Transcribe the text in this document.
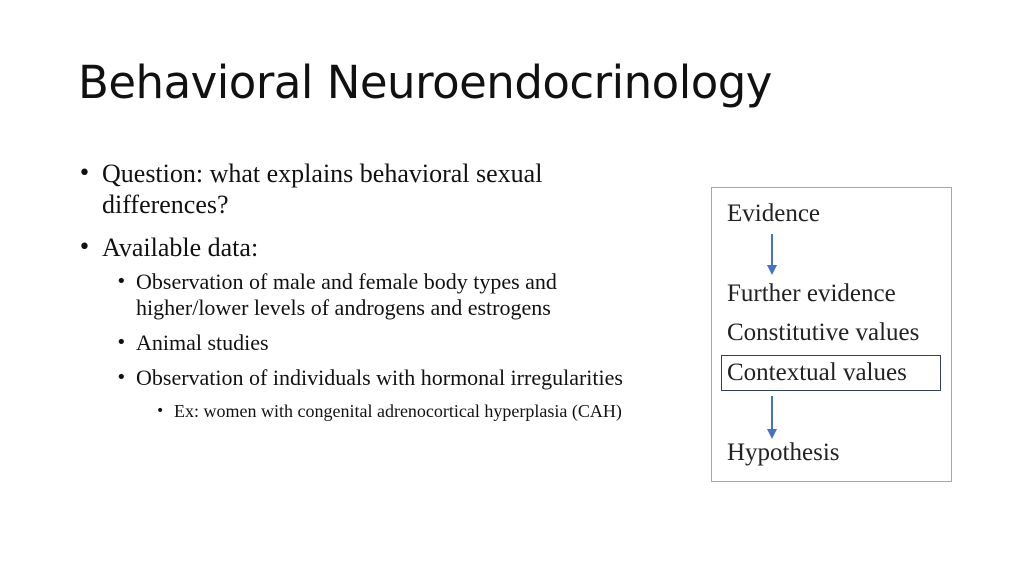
Behavioral Neuroendocrinology
• Question: what explains behavioral sexual differences?
• Available data:
• Observation of male and female body types and higher/lower levels of androgens and estrogens
• Animal studies
• Observation of individuals with hormonal irregularities
• Ex: women with congenital adrenocortical hyperplasia (CAH)
Evidence
Further evidence
Constitutive values
Contextual values
Hypothesis
